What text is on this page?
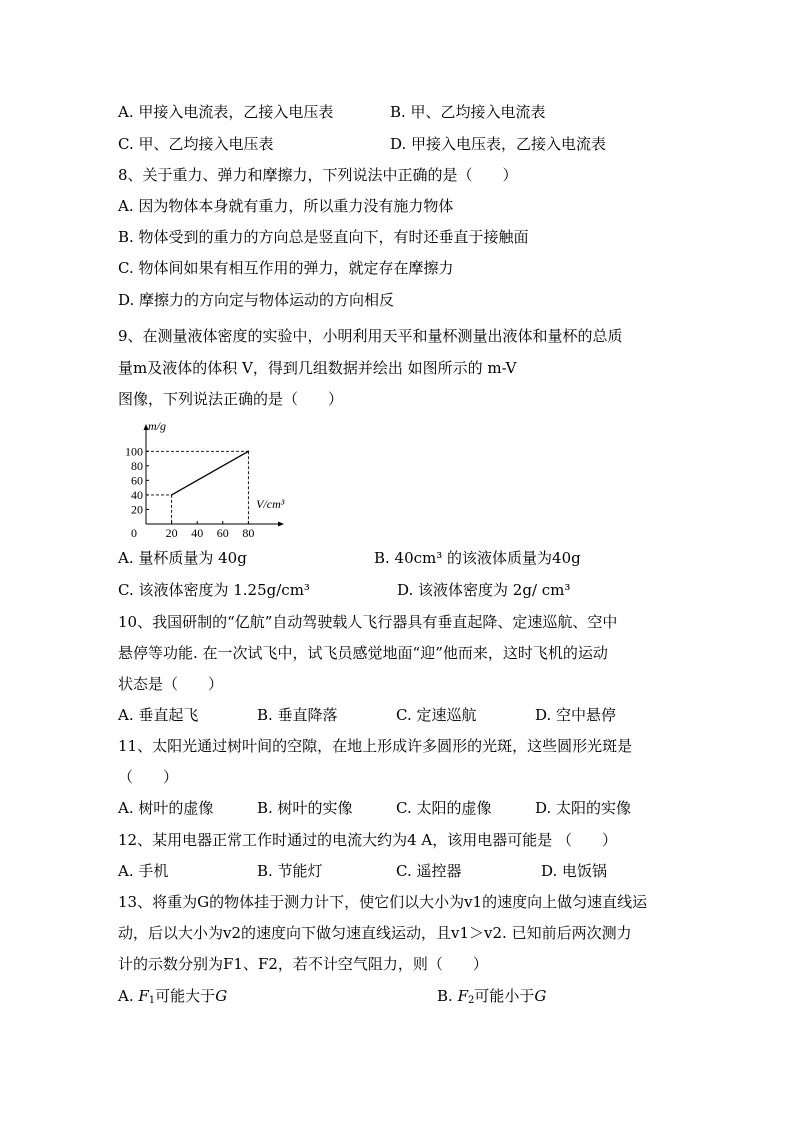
A. 甲接入电流表，乙接入电压表	B. 甲、乙均接入电流表
C. 甲、乙均接入电压表	D. 甲接入电压表，乙接入电流表
8、关于重力、弹力和摩擦力，下列说法中正确的是（　　）
A. 因为物体本身就有重力，所以重力没有施力物体
B. 物体受到的重力的方向总是竖直向下，有时还垂直于接触面
C. 物体间如果有相互作用的弹力，就定存在摩擦力
D. 摩擦力的方向定与物体运动的方向相反
9、在测量液体密度的实验中，小明利用天平和量杯测量出液体和量杯的总质
量m及液体的体积 V，得到几组数据并绘出 如图所示的 m-V
图像，下列说法正确的是（　　）
0 20 40 60 80
20
40
60
80
100
m/g
V/cm³
A. 量杯质量为 40g	B. 40cm³ 的该液体质量为40g
C. 该液体密度为 1.25g/cm³	D. 该液体密度为 2g/ cm³
10、我国研制的“亿航”自动驾驶载人飞行器具有垂直起降、定速巡航、空中
悬停等功能. 在一次试飞中，试飞员感觉地面“迎”他而来，这时飞机的运动
状态是（　　）
A. 垂直起飞	B. 垂直降落	C. 定速巡航	D. 空中悬停
11、太阳光通过树叶间的空隙，在地上形成许多圆形的光斑，这些圆形光斑是
（　　）
A. 树叶的虚像	B. 树叶的实像	C. 太阳的虚像	D. 太阳的实像
12、某用电器正常工作时通过的电流大约为4 A，该用电器可能是 （　　）
A. 手机	B. 节能灯	C. 遥控器	D. 电饭锅
13、将重为G的物体挂于测力计下，使它们以大小为v1的速度向上做匀速直线运
动，后以大小为v2的速度向下做匀速直线运动，且v1＞v2. 已知前后两次测力
计的示数分别为F1、F2，若不计空气阻力，则（　　）
A. $F_1$可能大于G	B. $F_2$可能小于G
